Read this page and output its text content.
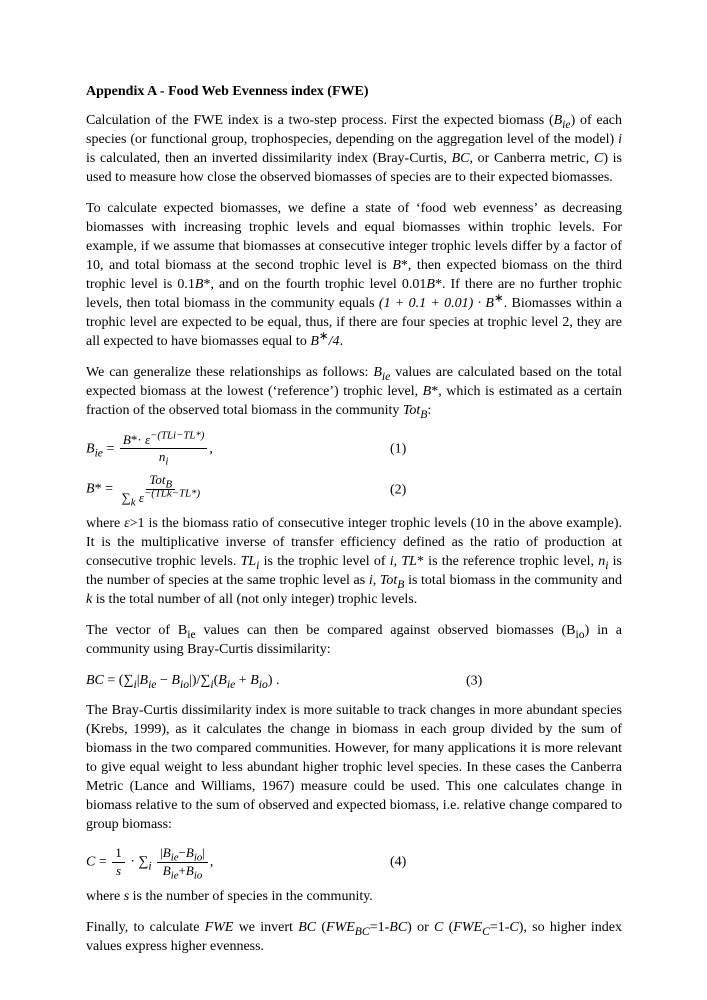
Appendix A - Food Web Evenness index (FWE)

Calculation of the FWE index is a two-step process. First the expected biomass $(B_{ie})$ of each species (or functional group, trophospecies, depending on the aggregation level of the model) i is calculated, then an inverted dissimilarity index (Bray-Curtis, BC, or Canberra metric, C) is used to measure how close the observed biomasses of species are to their expected biomasses.

To calculate expected biomasses, we define a state of ‘food web evenness’ as decreasing biomasses with increasing trophic levels and equal biomasses within trophic levels. For example, if we assume that biomasses at consecutive integer trophic levels differ by a factor of 10, and total biomass at the second trophic level is B*, then expected biomass on the third trophic level is 0.1B*, and on the fourth trophic level 0.01B*. If there are no further trophic levels, then total biomass in the community equals (1 + 0.1 + 0.01) · B∗. Biomasses within a trophic level are expected to be equal, thus, if there are four species at trophic level 2, they are all expected to have biomasses equal to B∗/4.

We can generalize these relationships as follows: $B_{ie}$ values are calculated based on the total expected biomass at the lowest (‘reference’) trophic level, B*, which is estimated as a certain fraction of the observed total biomass in the community Tot$_B$:

$B_{ie} = \frac{B*\cdot \varepsilon^{-(TLi-TL*)}}{n_i}$ ,	(1)
$B* = \frac{Tot_B}{\sum_k \varepsilon^{-(TLk-TL*)}}$	(2)

where ε>1 is the biomass ratio of consecutive integer trophic levels (10 in the above example). It is the multiplicative inverse of transfer efficiency defined as the ratio of production at consecutive trophic levels. $TL_i$ is the trophic level of i, TL* is the reference trophic level, $n_i$ is the number of species at the same trophic level as i, Tot$_B$ is total biomass in the community and k is the total number of all (not only integer) trophic levels.

The vector of $B_{ie}$ values can then be compared against observed biomasses $(B_{io})$ in a community using Bray-Curtis dissimilarity:

BC = $(\sum_i|B_{ie} - B_{io}|)/\sum_i(B_{ie} + B_{io})$ .	(3)

The Bray-Curtis dissimilarity index is more suitable to track changes in more abundant species (Krebs, 1999), as it calculates the change in biomass in each group divided by the sum of biomass in the two compared communities. However, for many applications it is more relevant to give equal weight to less abundant higher trophic level species. In these cases the Canberra Metric (Lance and Williams, 1967) measure could be used. This one calculates change in biomass relative to the sum of observed and expected biomass, i.e. relative change compared to group biomass:

$C = \frac{1}{s} \cdot \sum_i \frac{|B_{ie}-B_{io}|}{B_{ie}+B_{io}}$ ,	(4)

where s is the number of species in the community.

Finally, to calculate FWE we invert BC $(FWE_{BC}=1-BC)$ or C $(FWE_C=1-C)$, so higher index values express higher evenness.
